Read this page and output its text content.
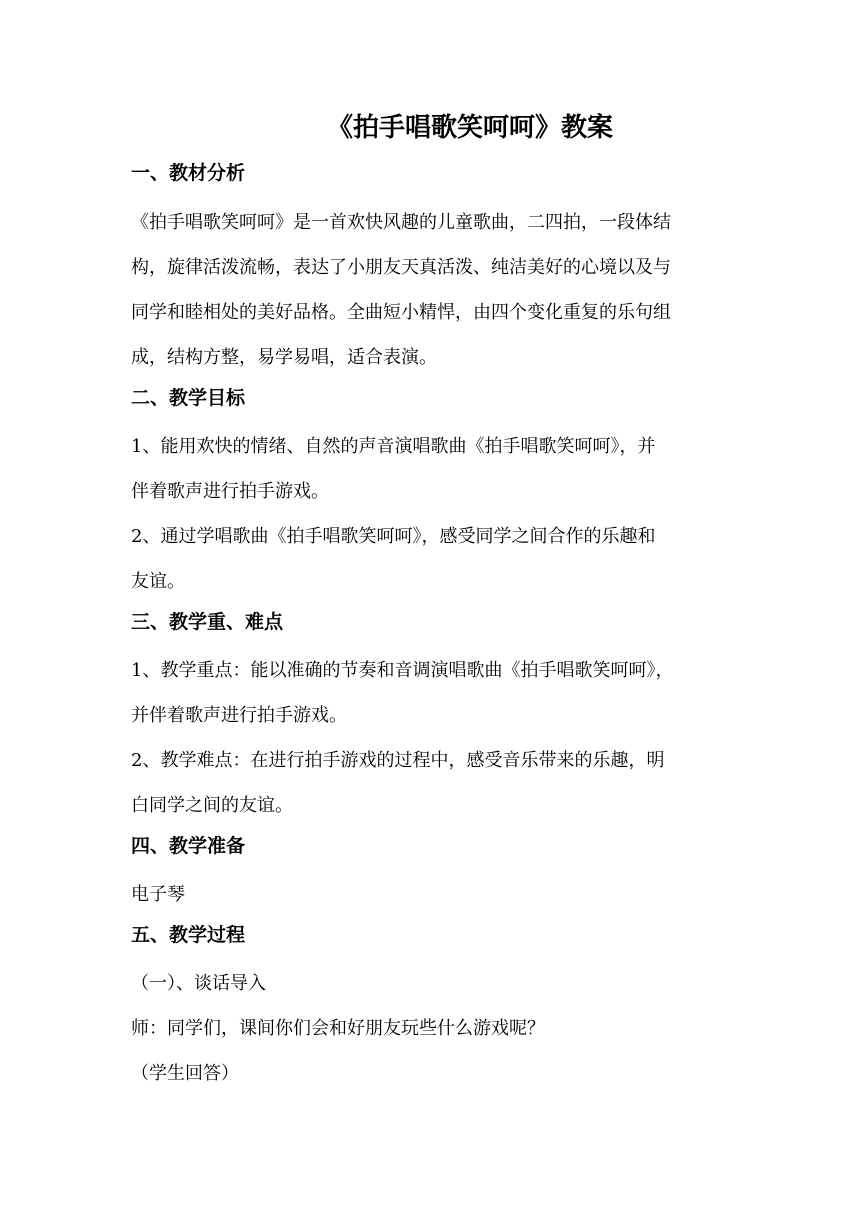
《拍手唱歌笑呵呵》教案
一、教材分析

《拍手唱歌笑呵呵》是一首欢快风趣的儿童歌曲，二四拍，一段体结
构，旋律活泼流畅，表达了小朋友天真活泼、纯洁美好的心境以及与
同学和睦相处的美好品格。全曲短小精悍，由四个变化重复的乐句组
成，结构方整，易学易唱，适合表演。

二、教学目标

1、能用欢快的情绪、自然的声音演唱歌曲《拍手唱歌笑呵呵》，并
伴着歌声进行拍手游戏。

2、通过学唱歌曲《拍手唱歌笑呵呵》，感受同学之间合作的乐趣和
友谊。

三、教学重、难点

1、教学重点：能以准确的节奏和音调演唱歌曲《拍手唱歌笑呵呵》，
并伴着歌声进行拍手游戏。

2、教学难点：在进行拍手游戏的过程中，感受音乐带来的乐趣，明
白同学之间的友谊。

四、教学准备

电子琴

五、教学过程

（一）、谈话导入

师：同学们，课间你们会和好朋友玩些什么游戏呢？

（学生回答）
